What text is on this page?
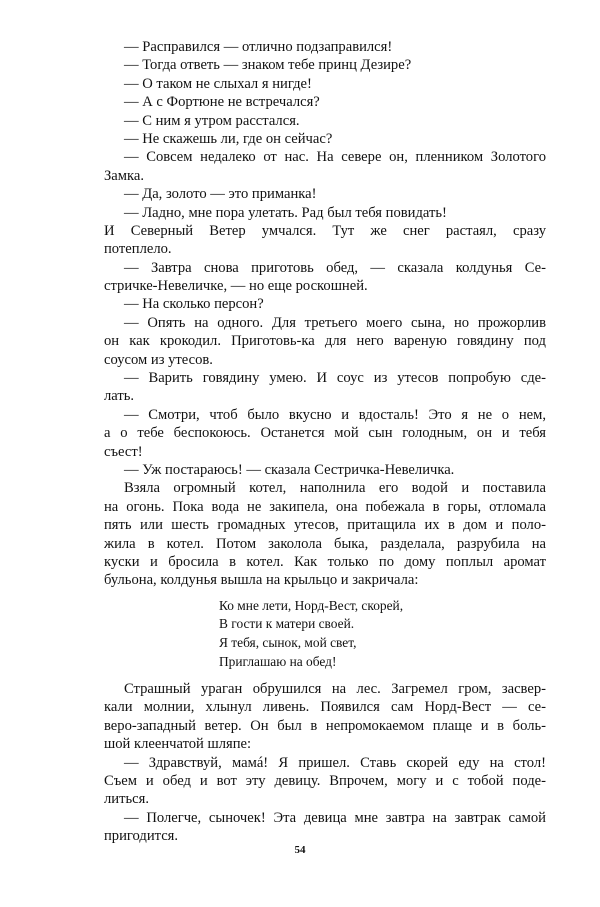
— Расправился — отлично подзаправился!
— Тогда ответь — знаком тебе принц Дезире?
— О таком не слыхал я нигде!
— А с Фортюне не встречался?
— С ним я утром расстался.
— Не скажешь ли, где он сейчас?
— Совсем недалеко от нас. На севере он, пленником Золотого
Замка.
— Да, золото — это приманка!
— Ладно, мне пора улетать. Рад был тебя повидать!
И Северный Ветер умчался. Тут же снег растаял, сразу
потеплело.
— Завтра снова приготовь обед, — сказала колдунья Се-
стричке-Невеличке, — но еще роскошней.
— На сколько персон?
— Опять на одного. Для третьего моего сына, но прожорлив
он как крокодил. Приготовь-ка для него вареную говядину под
соусом из утесов.
— Варить говядину умею. И соус из утесов попробую сде-
лать.
— Смотри, чтоб было вкусно и вдосталь! Это я не о нем,
а о тебе беспокоюсь. Останется мой сын голодным, он и тебя
съест!
— Уж постараюсь! — сказала Сестричка-Невеличка.
Взяла огромный котел, наполнила его водой и поставила
на огонь. Пока вода не закипела, она побежала в горы, отломала
пять или шесть громадных утесов, притащила их в дом и поло-
жила в котел. Потом заколола быка, разделала, разрубила на
куски и бросила в котел. Как только по дому поплыл аромат
бульона, колдунья вышла на крыльцо и закричала:
Ко мне лети, Норд-Вест, скорей,
В гости к матери своей.
Я тебя, сынок, мой свет,
Приглашаю на обед!
Страшный ураган обрушился на лес. Загремел гром, засвер-
кали молнии, хлынул ливень. Появился сам Норд-Вест — се-
веро-западный ветер. Он был в непромокаемом плаще и в боль-
шой клеенчатой шляпе:
— Здравствуй, мамá! Я пришел. Ставь скорей еду на стол!
Съем и обед и вот эту девицу. Впрочем, могу и с тобой поде-
литься.
— Полегче, сыночек! Эта девица мне завтра на завтрак самой
пригодится.
54
